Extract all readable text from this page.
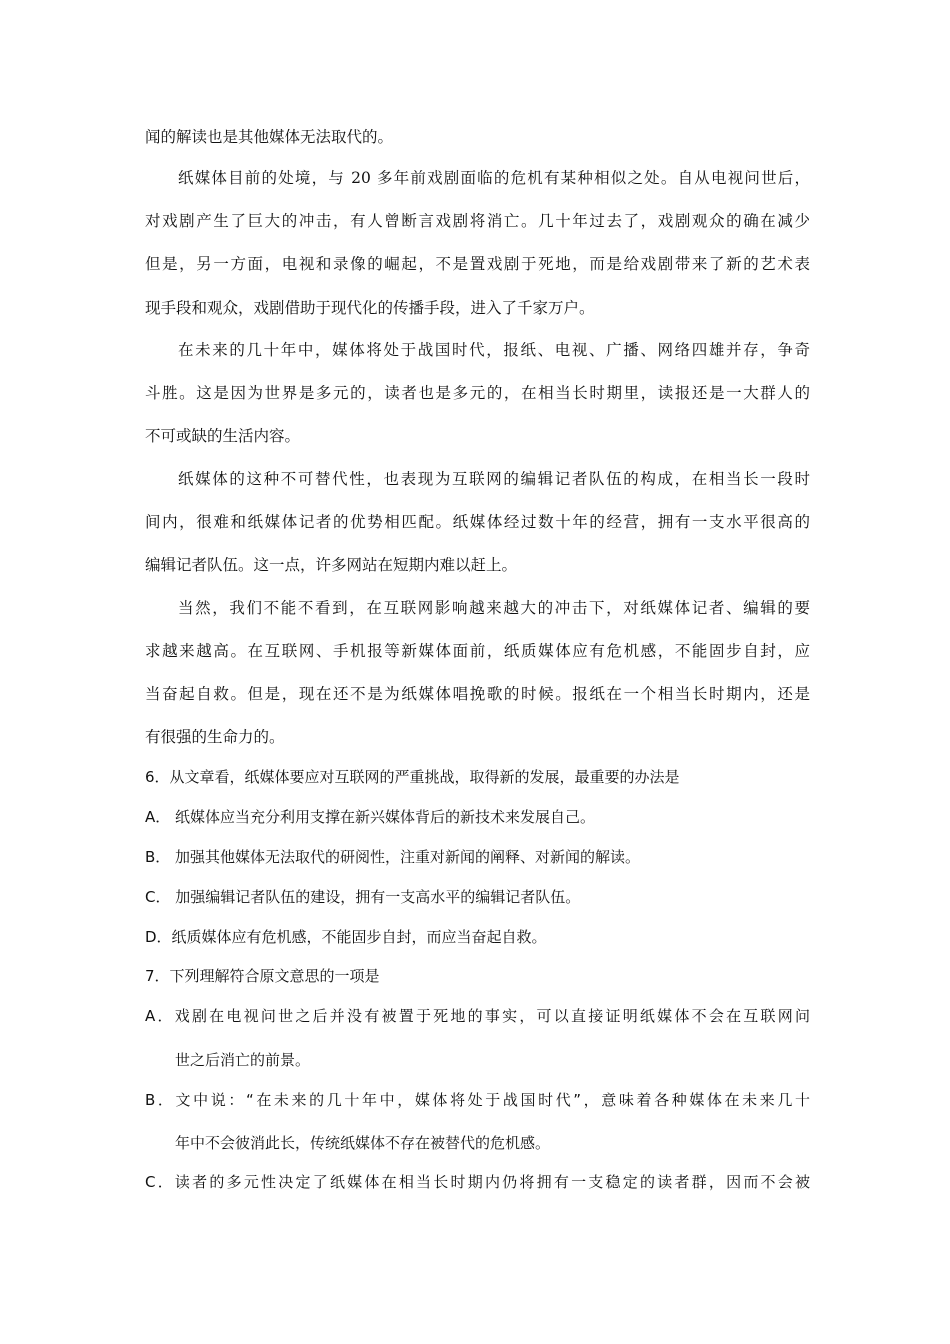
闻的解读也是其他媒体无法取代的。
纸媒体目前的处境，与 20 多年前戏剧面临的危机有某种相似之处。自从电视问世后，
对戏剧产生了巨大的冲击，有人曾断言戏剧将消亡。几十年过去了，戏剧观众的确在减少
但是，另一方面，电视和录像的崛起，不是置戏剧于死地，而是给戏剧带来了新的艺术表
现手段和观众，戏剧借助于现代化的传播手段，进入了千家万户。
在未来的几十年中，媒体将处于战国时代，报纸、电视、广播、网络四雄并存，争奇
斗胜。这是因为世界是多元的，读者也是多元的，在相当长时期里，读报还是一大群人的
不可或缺的生活内容。
纸媒体的这种不可替代性，也表现为互联网的编辑记者队伍的构成，在相当长一段时
间内，很难和纸媒体记者的优势相匹配。纸媒体经过数十年的经营，拥有一支水平很高的
编辑记者队伍。这一点，许多网站在短期内难以赶上。
当然，我们不能不看到，在互联网影响越来越大的冲击下，对纸媒体记者、编辑的要
求越来越高。在互联网、手机报等新媒体面前，纸质媒体应有危机感，不能固步自封，应
当奋起自救。但是，现在还不是为纸媒体唱挽歌的时候。报纸在一个相当长时期内，还是
有很强的生命力的。
6．从文章看，纸媒体要应对互联网的严重挑战，取得新的发展，最重要的办法是
A． 纸媒体应当充分利用支撑在新兴媒体背后的新技术来发展自己。
B． 加强其他媒体无法取代的研阅性，注重对新闻的阐释、对新闻的解读。
C． 加强编辑记者队伍的建设，拥有一支高水平的编辑记者队伍。
D．纸质媒体应有危机感，不能固步自封，而应当奋起自救。
7．下列理解符合原文意思的一项是
A．戏剧在电视问世之后并没有被置于死地的事实，可以直接证明纸媒体不会在互联网问
世之后消亡的前景。
B．文中说：“在未来的几十年中，媒体将处于战国时代”，意味着各种媒体在未来几十
年中不会彼消此长，传统纸媒体不存在被替代的危机感。
C．读者的多元性决定了纸媒体在相当长时期内仍将拥有一支稳定的读者群，因而不会被
